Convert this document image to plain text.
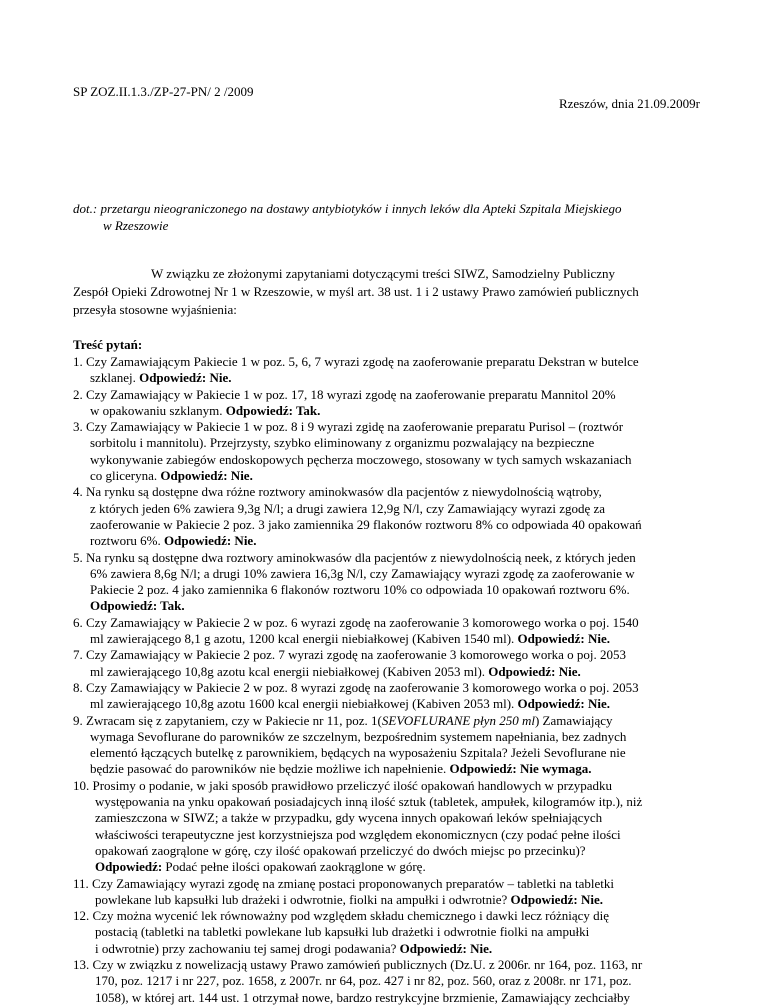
Rzeszów, dnia 21.09.2009r
SP ZOZ.II.1.3./ZP-27-PN/ 2 /2009
dot.: przetargu nieograniczonego na dostawy antybiotyków i innych leków dla Apteki Szpitala Miejskiego
w Rzeszowie
W związku ze złożonymi zapytaniami dotyczącymi treści SIWZ, Samodzielny Publiczny
Zespół Opieki Zdrowotnej Nr 1 w Rzeszowie, w myśl art. 38 ust. 1 i 2 ustawy Prawo zamówień publicznych
przesyła stosowne wyjaśnienia:
Treść pytań:
1. Czy Zamawiającym Pakiecie 1 w poz. 5, 6, 7 wyrazi zgodę na zaoferowanie preparatu Dekstran w butelce
szklanej. Odpowiedź: Nie.
2. Czy Zamawiający w Pakiecie 1 w poz. 17, 18 wyrazi zgodę na zaoferowanie preparatu Mannitol 20%
w opakowaniu szklanym. Odpowiedź: Tak.
3. Czy Zamawiający w Pakiecie 1 w poz. 8 i 9 wyrazi zgidę na zaoferowanie preparatu Purisol – (roztwór
sorbitolu i mannitolu). Przejrzysty, szybko eliminowany z organizmu pozwalający na bezpieczne
wykonywanie zabiegów endoskopowych pęcherza moczowego, stosowany w tych samych wskazaniach
co gliceryna. Odpowiedź: Nie.
4. Na rynku są dostępne dwa różne roztwory aminokwasów dla pacjentów z niewydolnością wątroby,
z których jeden 6% zawiera 9,3g N/l; a drugi zawiera 12,9g N/l, czy Zamawiający wyrazi zgodę za
zaoferowanie w Pakiecie 2 poz. 3 jako zamiennika 29 flakonów roztworu 8% co odpowiada 40 opakowań
roztworu 6%. Odpowiedź: Nie.
5. Na rynku są dostępne dwa roztwory aminokwasów dla pacjentów z niewydolnością neek, z których jeden
6% zawiera 8,6g N/l; a drugi 10% zawiera 16,3g N/l, czy Zamawiający wyrazi zgodę za zaoferowanie w
Pakiecie 2 poz. 4 jako zamiennika 6 flakonów roztworu 10% co odpowiada 10 opakowań roztworu 6%.
Odpowiedź: Tak.
6. Czy Zamawiający w Pakiecie 2 w poz. 6 wyrazi zgodę na zaoferowanie 3 komorowego worka o poj. 1540
ml zawierającego 8,1 g azotu, 1200 kcal energii niebiałkowej (Kabiven 1540 ml). Odpowiedź: Nie.
7. Czy Zamawiający w Pakiecie 2 poz. 7 wyrazi zgodę na zaoferowanie 3 komorowego worka o poj. 2053
ml zawierającego 10,8g azotu kcal energii niebiałkowej (Kabiven 2053 ml). Odpowiedź: Nie.
8. Czy Zamawiający w Pakiecie 2 w poz. 8 wyrazi zgodę na zaoferowanie 3 komorowego worka o poj. 2053
ml zawierającego 10,8g azotu 1600 kcal energii niebiałkowej (Kabiven 2053 ml). Odpowiedź: Nie.
9. Zwracam się z zapytaniem, czy w Pakiecie nr 11, poz. 1(SEVOFLURANE płyn 250 ml) Zamawiający
wymaga Sevoflurane do parowników ze szczelnym, bezpośrednim systemem napełniania, bez zadnych
elementó łączących butelkę z parownikiem, będących na wyposażeniu Szpitala? Jeżeli Sevoflurane nie
będzie pasować do parowników nie będzie możliwe ich napełnienie. Odpowiedź: Nie wymaga.
10. Prosimy o podanie, w jaki sposób prawidłowo przeliczyć ilość opakowań handlowych w przypadku
występowania na ynku opakowań posiadajcych inną ilość sztuk (tabletek, ampułek, kilogramów itp.), niż
zamieszczona w SIWZ; a także w przypadku, gdy wycena innych opakowań leków spełniających
właściwości terapeutyczne jest korzystniejsza pod względem ekonomicznycn (czy podać pełne ilości
opakowań zaogrąlone w górę, czy ilość opakowań przeliczyć do dwóch miejsc po przecinku)?
Odpowiedź: Podać pełne ilości opakowań zaokrąglone w górę.
11. Czy Zamawiający wyrazi zgodę na zmianę postaci proponowanych preparatów – tabletki na tabletki
powlekane lub kapsułki lub drażeki i odwrotnie, fiolki na ampułki i odwrotnie? Odpowiedź: Nie.
12. Czy można wycenić lek równoważny pod względem składu chemicznego i dawki lecz różniący dię
postacią (tabletki na tabletki powlekane lub kapsułki lub drażetki i odwrotnie fiolki na ampułki
i odwrotnie) przy zachowaniu tej samej drogi podawania? Odpowiedź: Nie.
13. Czy w związku z nowelizacją ustawy Prawo zamówień publicznych (Dz.U. z 2006r. nr 164, poz. 1163, nr
170, poz. 1217 i nr 227, poz. 1658, z 2007r. nr 64, poz. 427 i nr 82, poz. 560, oraz z 2008r. nr 171, poz.
1058), w której art. 144 ust. 1 otrzymał nowe, bardzo restrykcyjne brzmienie, Zamawiający zechciałby
